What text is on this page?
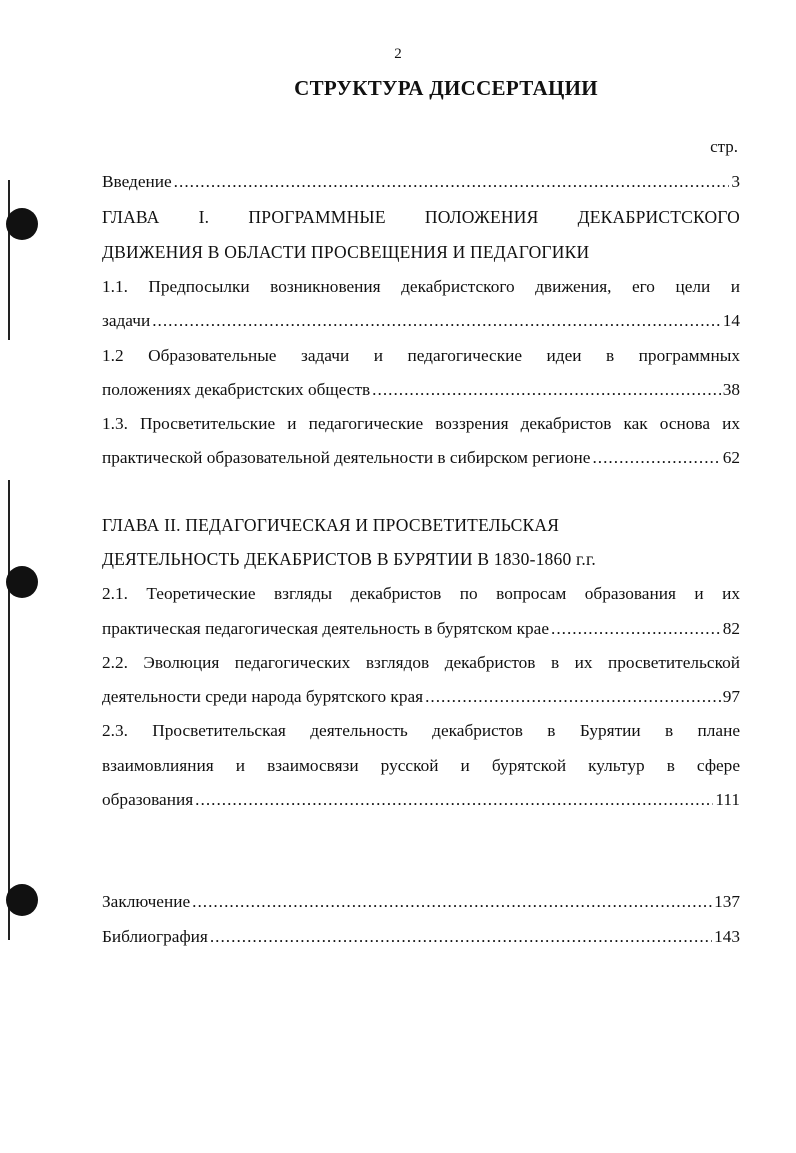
2
СТРУКТУРА ДИССЕРТАЦИИ
стр.
Введение .....	3
ГЛАВА I. ПРОГРАММНЫЕ ПОЛОЖЕНИЯ ДЕКАБРИСТСКОГО
ДВИЖЕНИЯ В ОБЛАСТИ ПРОСВЕЩЕНИЯ И ПЕДАГОГИКИ
1.1. Предпосылки возникновения декабристского движения, его цели и
задачи .....	14
1.2 Образовательные задачи и педагогические идеи в программных
положениях декабристских обществ .....	38
1.3. Просветительские и педагогические воззрения декабристов как основа их
практической образовательной деятельности в сибирском регионе .....	62
ГЛАВА II. ПЕДАГОГИЧЕСКАЯ И ПРОСВЕТИТЕЛЬСКАЯ
ДЕЯТЕЛЬНОСТЬ ДЕКАБРИСТОВ В БУРЯТИИ В 1830-1860 г.г.
2.1. Теоретические взгляды декабристов по вопросам образования и их
практическая педагогическая деятельность в бурятском крае .....	82
2.2. Эволюция педагогических взглядов декабристов в их просветительской
деятельности среди народа бурятского края .....	97
2.3. Просветительская деятельность декабристов в Бурятии в плане
взаимовлияния и взаимосвязи русской и бурятской культур в сфере
образования .....	111
Заключение .....	137
Библиография .....	143
